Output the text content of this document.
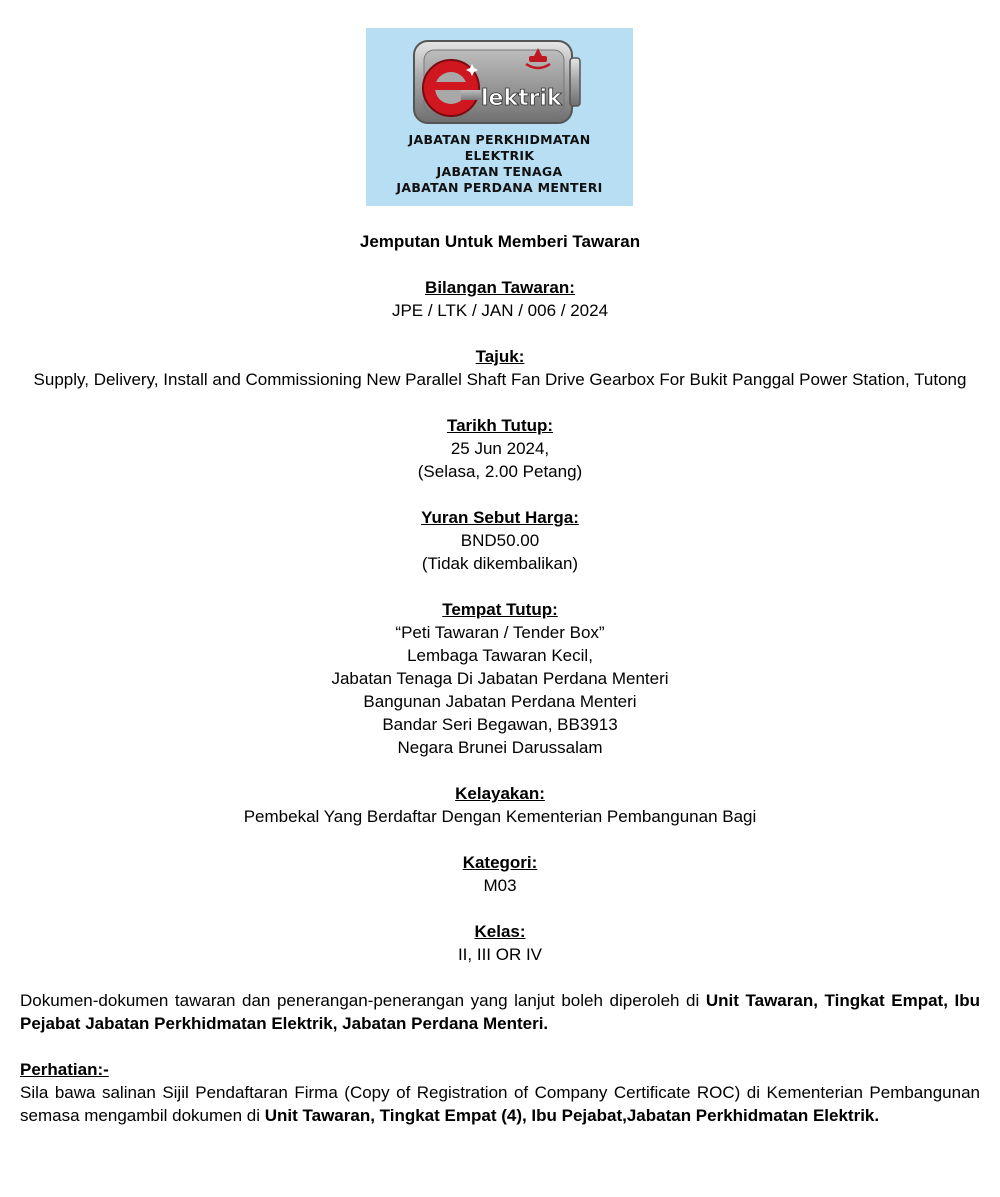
lektrik
JABATAN PERKHIDMATAN
ELEKTRIK
JABATAN TENAGA
JABATAN PERDANA MENTERI
Jemputan Untuk Memberi Tawaran
Bilangan Tawaran:
JPE / LTK / JAN / 006 / 2024
Tajuk:
Supply, Delivery, Install and Commissioning New Parallel Shaft Fan Drive Gearbox For Bukit Panggal Power Station, Tutong
Tarikh Tutup:
25 Jun 2024,
(Selasa, 2.00 Petang)
Yuran Sebut Harga:
BND50.00
(Tidak dikembalikan)
Tempat Tutup:
“Peti Tawaran / Tender Box”
Lembaga Tawaran Kecil,
Jabatan Tenaga Di Jabatan Perdana Menteri
Bangunan Jabatan Perdana Menteri
Bandar Seri Begawan, BB3913
Negara Brunei Darussalam
Kelayakan:
Pembekal Yang Berdaftar Dengan Kementerian Pembangunan Bagi
Kategori:
M03
Kelas:
II, III OR IV
Dokumen-dokumen tawaran dan penerangan-penerangan yang lanjut boleh diperoleh di Unit Tawaran, Tingkat Empat, Ibu Pejabat Jabatan Perkhidmatan Elektrik, Jabatan Perdana Menteri.
Perhatian:-
Sila bawa salinan Sijil Pendaftaran Firma (Copy of Registration of Company Certificate ROC) di Kementerian Pembangunan semasa mengambil dokumen di Unit Tawaran, Tingkat Empat (4), Ibu Pejabat,Jabatan Perkhidmatan Elektrik.
